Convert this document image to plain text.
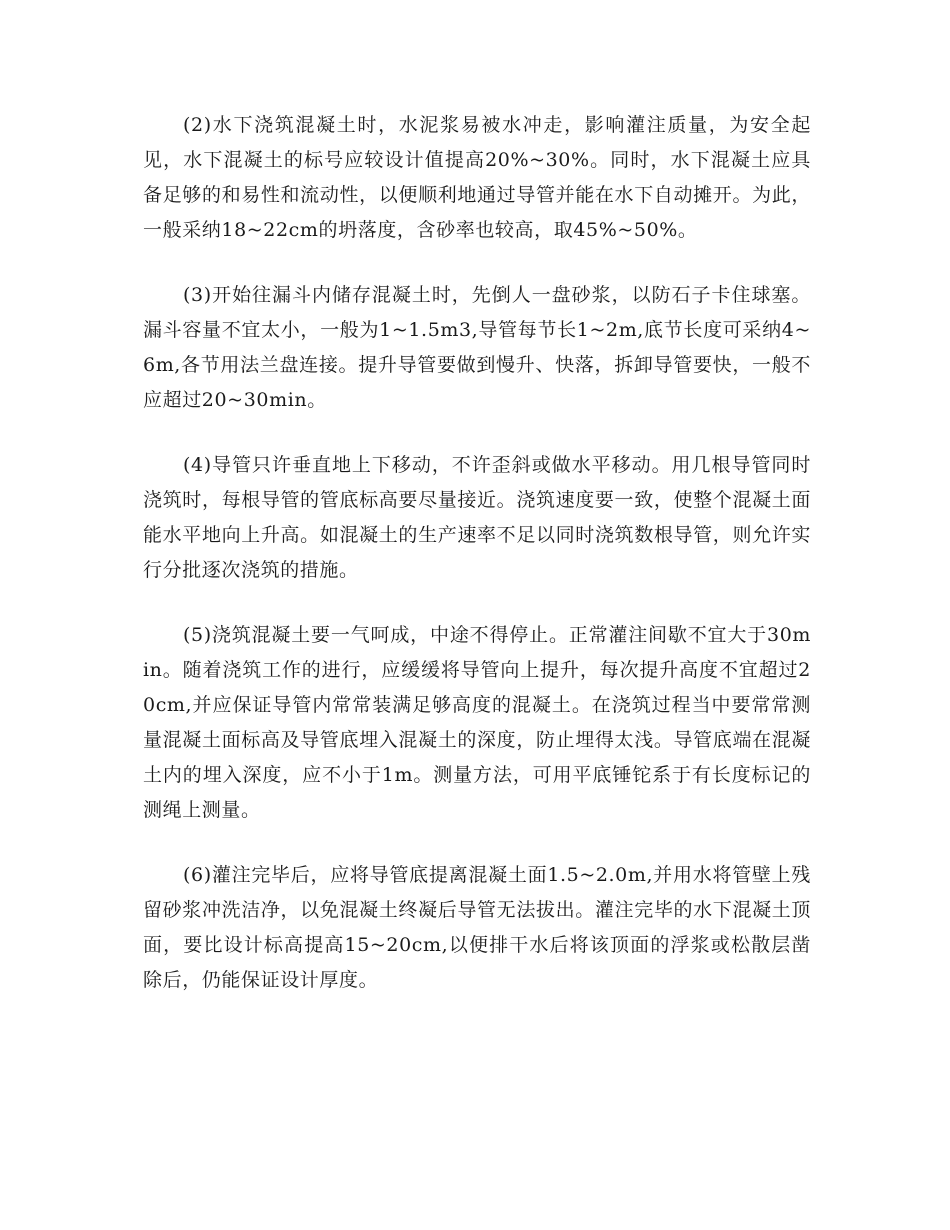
(2)水下浇筑混凝土时，水泥浆易被水冲走，影响灌注质量，为安全起见，水下混凝土的标号应较设计值提高20%~30%。同时，水下混凝土应具备足够的和易性和流动性，以便顺利地通过导管并能在水下自动摊开。为此，一般采纳18~22cm的坍落度，含砂率也较高，取45%~50%。

(3)开始往漏斗内储存混凝土时，先倒人一盘砂浆，以防石子卡住球塞。漏斗容量不宜太小，一般为1~1.5m3,导管每节长1~2m,底节长度可采纳4~6m,各节用法兰盘连接。提升导管要做到慢升、快落，拆卸导管要快，一般不应超过20~30min。

(4)导管只许垂直地上下移动，不许歪斜或做水平移动。用几根导管同时浇筑时，每根导管的管底标高要尽量接近。浇筑速度要一致，使整个混凝土面能水平地向上升高。如混凝土的生产速率不足以同时浇筑数根导管，则允许实行分批逐次浇筑的措施。

(5)浇筑混凝土要一气呵成，中途不得停止。正常灌注间歇不宜大于30min。随着浇筑工作的进行，应缓缓将导管向上提升，每次提升高度不宜超过20cm,并应保证导管内常常装满足够高度的混凝土。在浇筑过程当中要常常测量混凝土面标高及导管底埋入混凝土的深度，防止埋得太浅。导管底端在混凝土内的埋入深度，应不小于1m。测量方法，可用平底锤铊系于有长度标记的测绳上测量。

(6)灌注完毕后，应将导管底提离混凝土面1.5~2.0m,并用水将管壁上残留砂浆冲洗洁净，以免混凝土终凝后导管无法拔出。灌注完毕的水下混凝土顶面，要比设计标高提高15~20cm,以便排干水后将该顶面的浮浆或松散层凿除后，仍能保证设计厚度。
